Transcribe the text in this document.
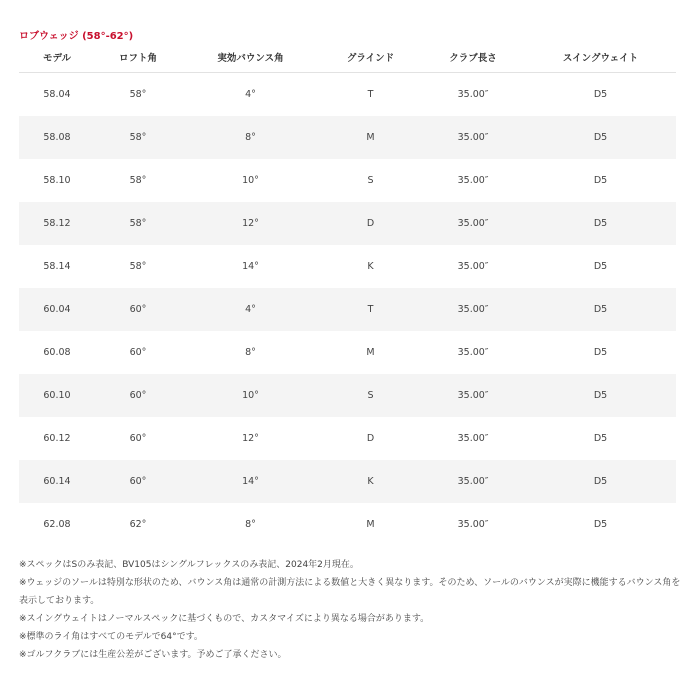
ロブウェッジ (58°-62°)
モデル	ロフト角	実効バウンス角	グラインド	クラブ長さ	スイングウェイト
58.04	58°	4°	T	35.00″	D5
58.08	58°	8°	M	35.00″	D5
58.10	58°	10°	S	35.00″	D5
58.12	58°	12°	D	35.00″	D5
58.14	58°	14°	K	35.00″	D5
60.04	60°	4°	T	35.00″	D5
60.08	60°	8°	M	35.00″	D5
60.10	60°	10°	S	35.00″	D5
60.12	60°	12°	D	35.00″	D5
60.14	60°	14°	K	35.00″	D5
62.08	62°	8°	M	35.00″	D5

※スペックはSのみ表記、BV105はシングルフレックスのみ表記、2024年2月現在。

※ウェッジのソールは特別な形状のため、バウンス角は通常の計測方法による数値と大きく異なります。そのため、ソールのバウンスが実際に機能するバウンス角を表示しております。

※スイングウェイトはノーマルスペックに基づくもので、カスタマイズにより異なる場合があります。

※標準のライ角はすべてのモデルで64°です。

※ゴルフクラブには生産公差がございます。予めご了承ください。
